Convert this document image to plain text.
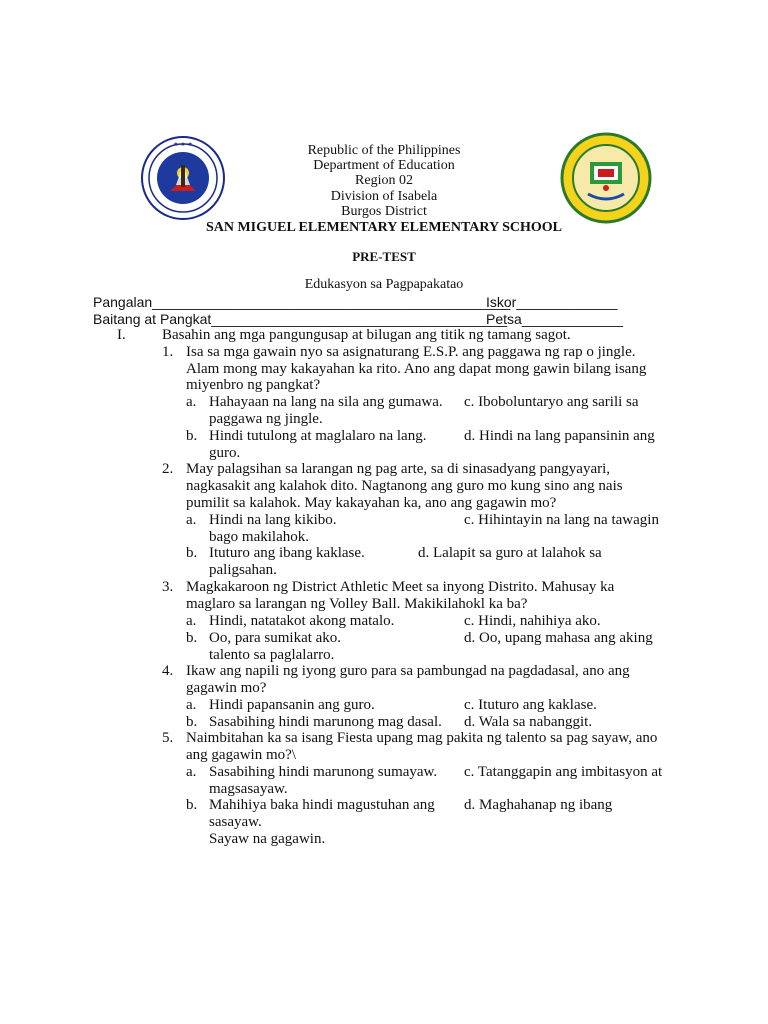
★ ★ ★	Republic of the Philippines
Department of Education
Region 02
Division of Isabela
Burgos District
SAN MIGUEL ELEMENTARY ELEMENTARY SCHOOL
PRE-TEST
Edukasyon sa Pagpapakatao
Pangalan______________________________________________
Iskor_____________
Baitang at Pangkat______________________________________
Petsa_____________
I. Basahin ang mga pangungusap at bilugan ang titik ng tamang sagot.
1. Isa sa mga gawain nyo sa asignaturang E.S.P. ang paggawa ng rap o jingle.
Alam mong may kakayahan ka rito. Ano ang dapat mong gawin bilang isang
miyenbro ng pangkat?
a. Hahayaan na lang na sila ang gumawa. c. Iboboluntaryo ang sarili sa
paggawa ng jingle.
b. Hindi tutulong at maglalaro na lang.	d. Hindi na lang papansinin ang
guro.
2. May palagsihan sa larangan ng pag arte, sa di sinasadyang pangyayari,
nagkasakit ang kalahok dito. Nagtanong ang guro mo kung sino ang nais
pumilit sa kalahok. May kakayahan ka, ano ang gagawin mo?
a. Hindi na lang kikibo.	c. Hihintayin na lang na tawagin
bago makilahok.
b. Ituturo ang ibang kaklase.	d. Lalapit sa guro at lalahok sa
paligsahan.
3. Magkakaroon ng District Athletic Meet sa inyong Distrito. Mahusay ka
maglaro sa larangan ng Volley Ball. Makikilahokl ka ba?
a. Hindi, natatakot akong matalo.	c. Hindi, nahihiya ako.
b. Oo, para sumikat ako.	d. Oo, upang mahasa ang aking
talento sa paglalarro.
4. Ikaw ang napili ng iyong guro para sa pambungad na pagdadasal, ano ang
gagawin mo?
a. Hindi papansanin ang guro.	c. Ituturo ang kaklase.
b. Sasabihing hindi marunong mag dasal. d. Wala sa nabanggit.
5. Naimbitahan ka sa isang Fiesta upang mag pakita ng talento sa pag sayaw, ano
ang gagawin mo?\
a. Sasabihing hindi marunong sumayaw. c. Tatanggapin ang imbitasyon at
magsasayaw.
b. Mahihiya baka hindi magustuhan ang d. Maghahanap ng ibang
sasayaw.
Sayaw na gagawin.
